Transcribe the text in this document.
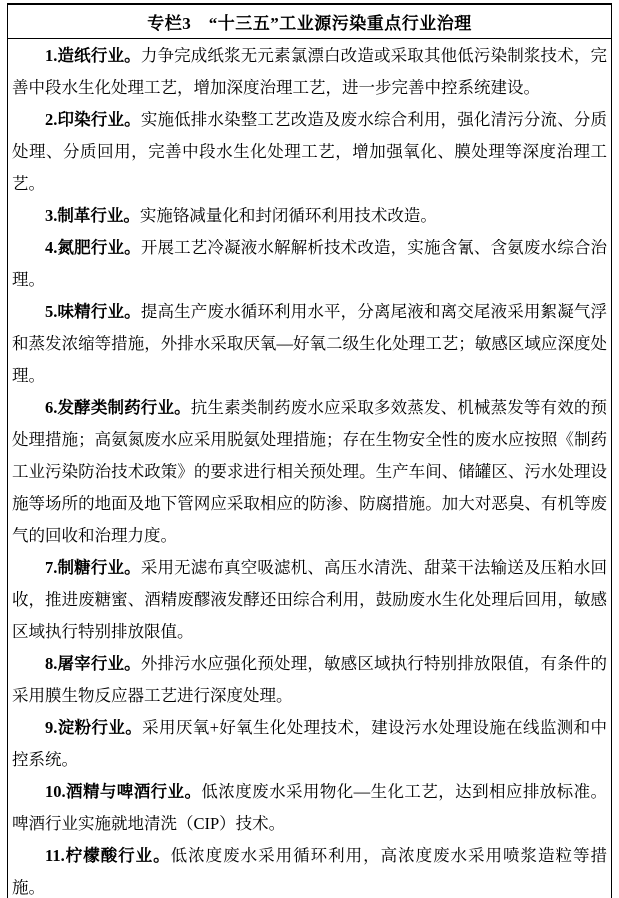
专栏3　“十三五”工业源污染重点行业治理

1.造纸行业。力争完成纸浆无元素氯漂白改造或采取其他低污染制浆技术，完善中段水生化处理工艺，增加深度治理工艺，进一步完善中控系统建设。

2.印染行业。实施低排水染整工艺改造及废水综合利用，强化清污分流、分质处理、分质回用，完善中段水生化处理工艺，增加强氧化、膜处理等深度治理工艺。

3.制革行业。实施铬减量化和封闭循环利用技术改造。

4.氮肥行业。开展工艺冷凝液水解解析技术改造，实施含氰、含氨废水综合治理。

5.味精行业。提高生产废水循环利用水平，分离尾液和离交尾液采用絮凝气浮和蒸发浓缩等措施，外排水采取厌氧—好氧二级生化处理工艺；敏感区域应深度处理。

6.发酵类制药行业。抗生素类制药废水应采取多效蒸发、机械蒸发等有效的预处理措施；高氨氮废水应采用脱氨处理措施；存在生物安全性的废水应按照《制药工业污染防治技术政策》的要求进行相关预处理。生产车间、储罐区、污水处理设施等场所的地面及地下管网应采取相应的防渗、防腐措施。加大对恶臭、有机等废气的回收和治理力度。

7.制糖行业。采用无滤布真空吸滤机、高压水清洗、甜菜干法输送及压粕水回收，推进废糖蜜、酒精废醪液发酵还田综合利用，鼓励废水生化处理后回用，敏感区域执行特别排放限值。

8.屠宰行业。外排污水应强化预处理，敏感区域执行特别排放限值，有条件的采用膜生物反应器工艺进行深度处理。

9.淀粉行业。采用厌氧+好氧生化处理技术，建设污水处理设施在线监测和中控系统。

10.酒精与啤酒行业。低浓度废水采用物化—生化工艺，达到相应排放标准。啤酒行业实施就地清洗（CIP）技术。

11.柠檬酸行业。低浓度废水采用循环利用，高浓度废水采用喷浆造粒等措施。
